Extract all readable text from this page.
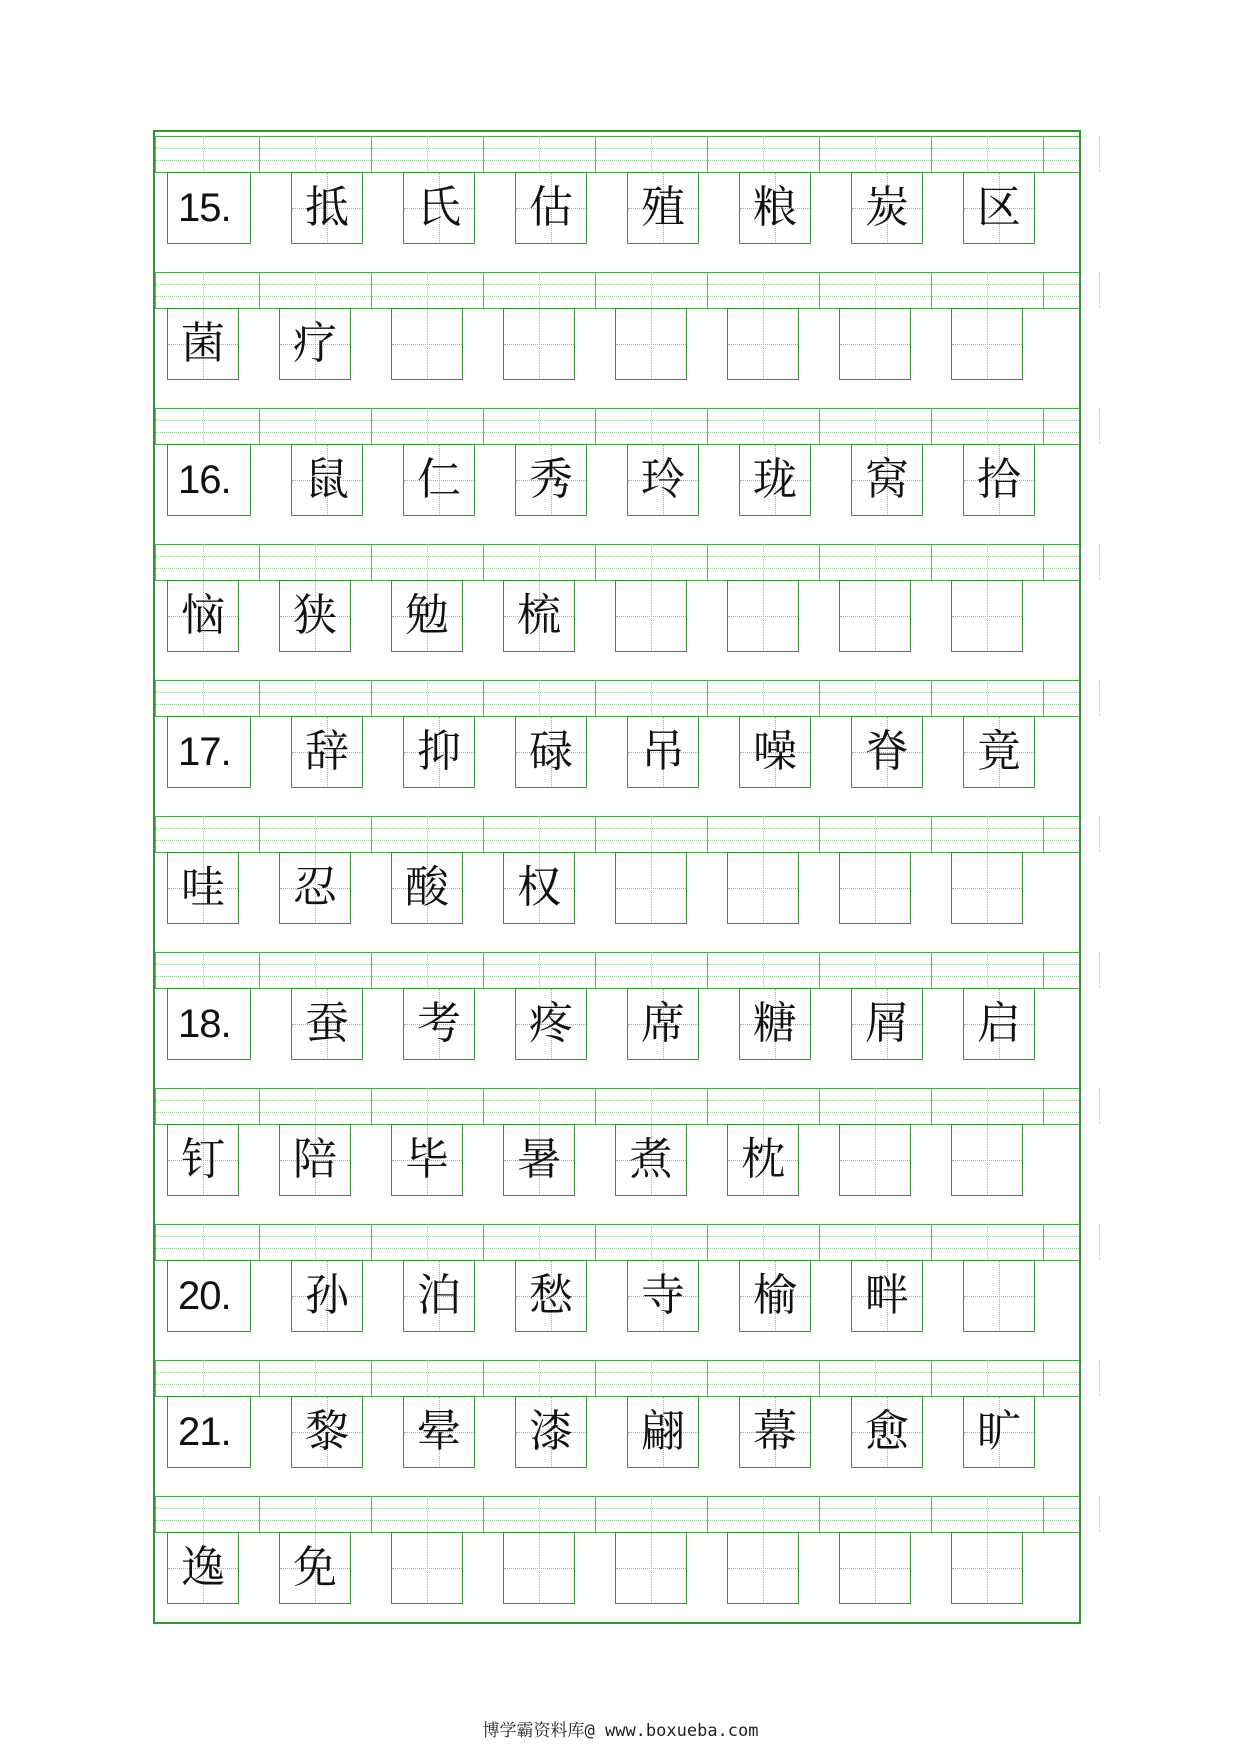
15.	抵 氏 估 殖 粮 炭 区
菌 疗
16.	鼠 仁 秀 玲 珑 窝 拾
恼 狭 勉 梳
17.	辞 抑 碌 吊 噪 脊 竟
哇 忍 酸 权
18.	蚕 考 疼 席 糖 屑 启
钉 陪 毕 暑 煮 枕
20.	孙 泊 愁 寺 榆 畔
21.	黎 晕 漆 翩 幕 愈 旷
逸 免
博学霸资料库@ www.boxueba.com
